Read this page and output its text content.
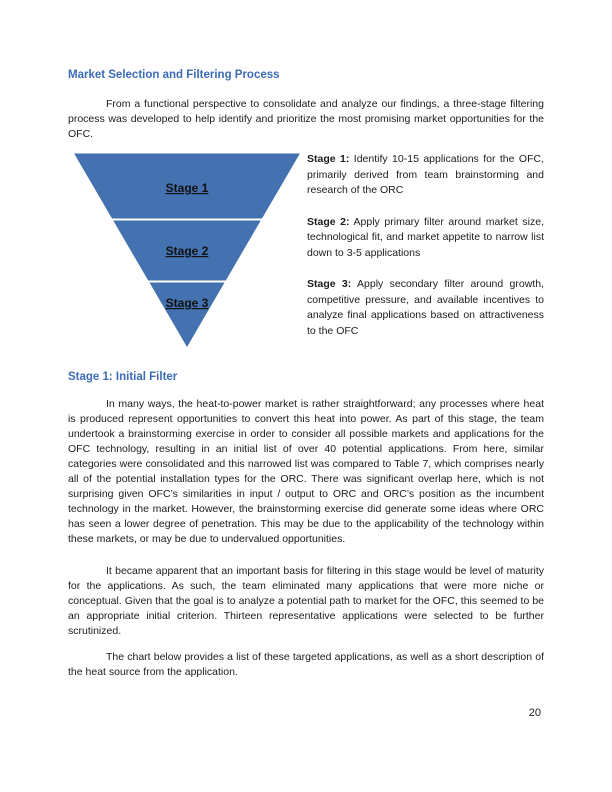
Market Selection and Filtering Process

From a functional perspective to consolidate and analyze our findings, a three-stage filtering process was developed to help identify and prioritize the most promising market opportunities for the OFC.

Stage 1
Stage 2
Stage 3

Stage 1: Identify 10-15 applications for the OFC, primarily derived from team brainstorming and research of the ORC

Stage 2: Apply primary filter around market size, technological fit, and market appetite to narrow list down to 3-5 applications

Stage 3: Apply secondary filter around growth, competitive pressure, and available incentives to analyze final applications based on attractiveness to the OFC

Stage 1: Initial Filter

In many ways, the heat-to-power market is rather straightforward; any processes where heat is produced represent opportunities to convert this heat into power. As part of this stage, the team undertook a brainstorming exercise in order to consider all possible markets and applications for the OFC technology, resulting in an initial list of over 40 potential applications. From here, similar categories were consolidated and this narrowed list was compared to Table 7, which comprises nearly all of the potential installation types for the ORC. There was significant overlap here, which is not surprising given OFC’s similarities in input / output to ORC and ORC’s position as the incumbent technology in the market. However, the brainstorming exercise did generate some ideas where ORC has seen a lower degree of penetration. This may be due to the applicability of the technology within these markets, or may be due to undervalued opportunities.

It became apparent that an important basis for filtering in this stage would be level of maturity for the applications. As such, the team eliminated many applications that were more niche or conceptual. Given that the goal is to analyze a potential path to market for the OFC, this seemed to be an appropriate initial criterion. Thirteen representative applications were selected to be further scrutinized.

The chart below provides a list of these targeted applications, as well as a short description of the heat source from the application.

20
